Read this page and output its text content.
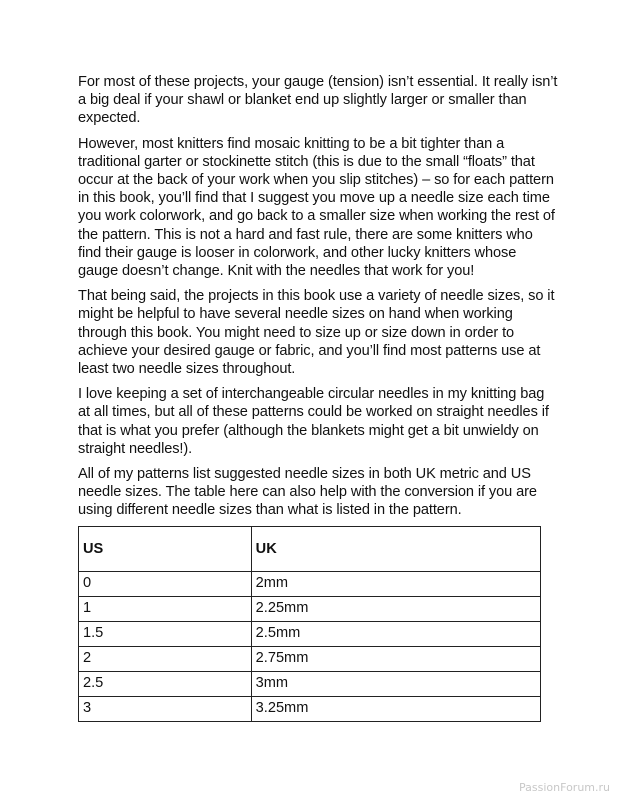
For most of these projects, your gauge (tension) isn’t essential. It really isn’t a big deal if your shawl or blanket end up slightly larger or smaller than expected.

However, most knitters find mosaic knitting to be a bit tighter than a traditional garter or stockinette stitch (this is due to the small “floats” that occur at the back of your work when you slip stitches) – so for each pattern in this book, you’ll find that I suggest you move up a needle size each time you work colorwork, and go back to a smaller size when working the rest of the pattern. This is not a hard and fast rule, there are some knitters who find their gauge is looser in colorwork, and other lucky knitters whose gauge doesn’t change. Knit with the needles that work for you!

That being said, the projects in this book use a variety of needle sizes, so it might be helpful to have several needle sizes on hand when working through this book. You might need to size up or size down in order to achieve your desired gauge or fabric, and you’ll find most patterns use at least two needle sizes throughout.

I love keeping a set of interchangeable circular needles in my knitting bag at all times, but all of these patterns could be worked on straight needles if that is what you prefer (although the blankets might get a bit unwieldy on straight needles!).

All of my patterns list suggested needle sizes in both UK metric and US needle sizes. The table here can also help with the conversion if you are using different needle sizes than what is listed in the pattern.

US	UK
0	2mm
1	2.25mm
1.5	2.5mm
2	2.75mm
2.5	3mm
3	3.25mm
PassionForum.ru
